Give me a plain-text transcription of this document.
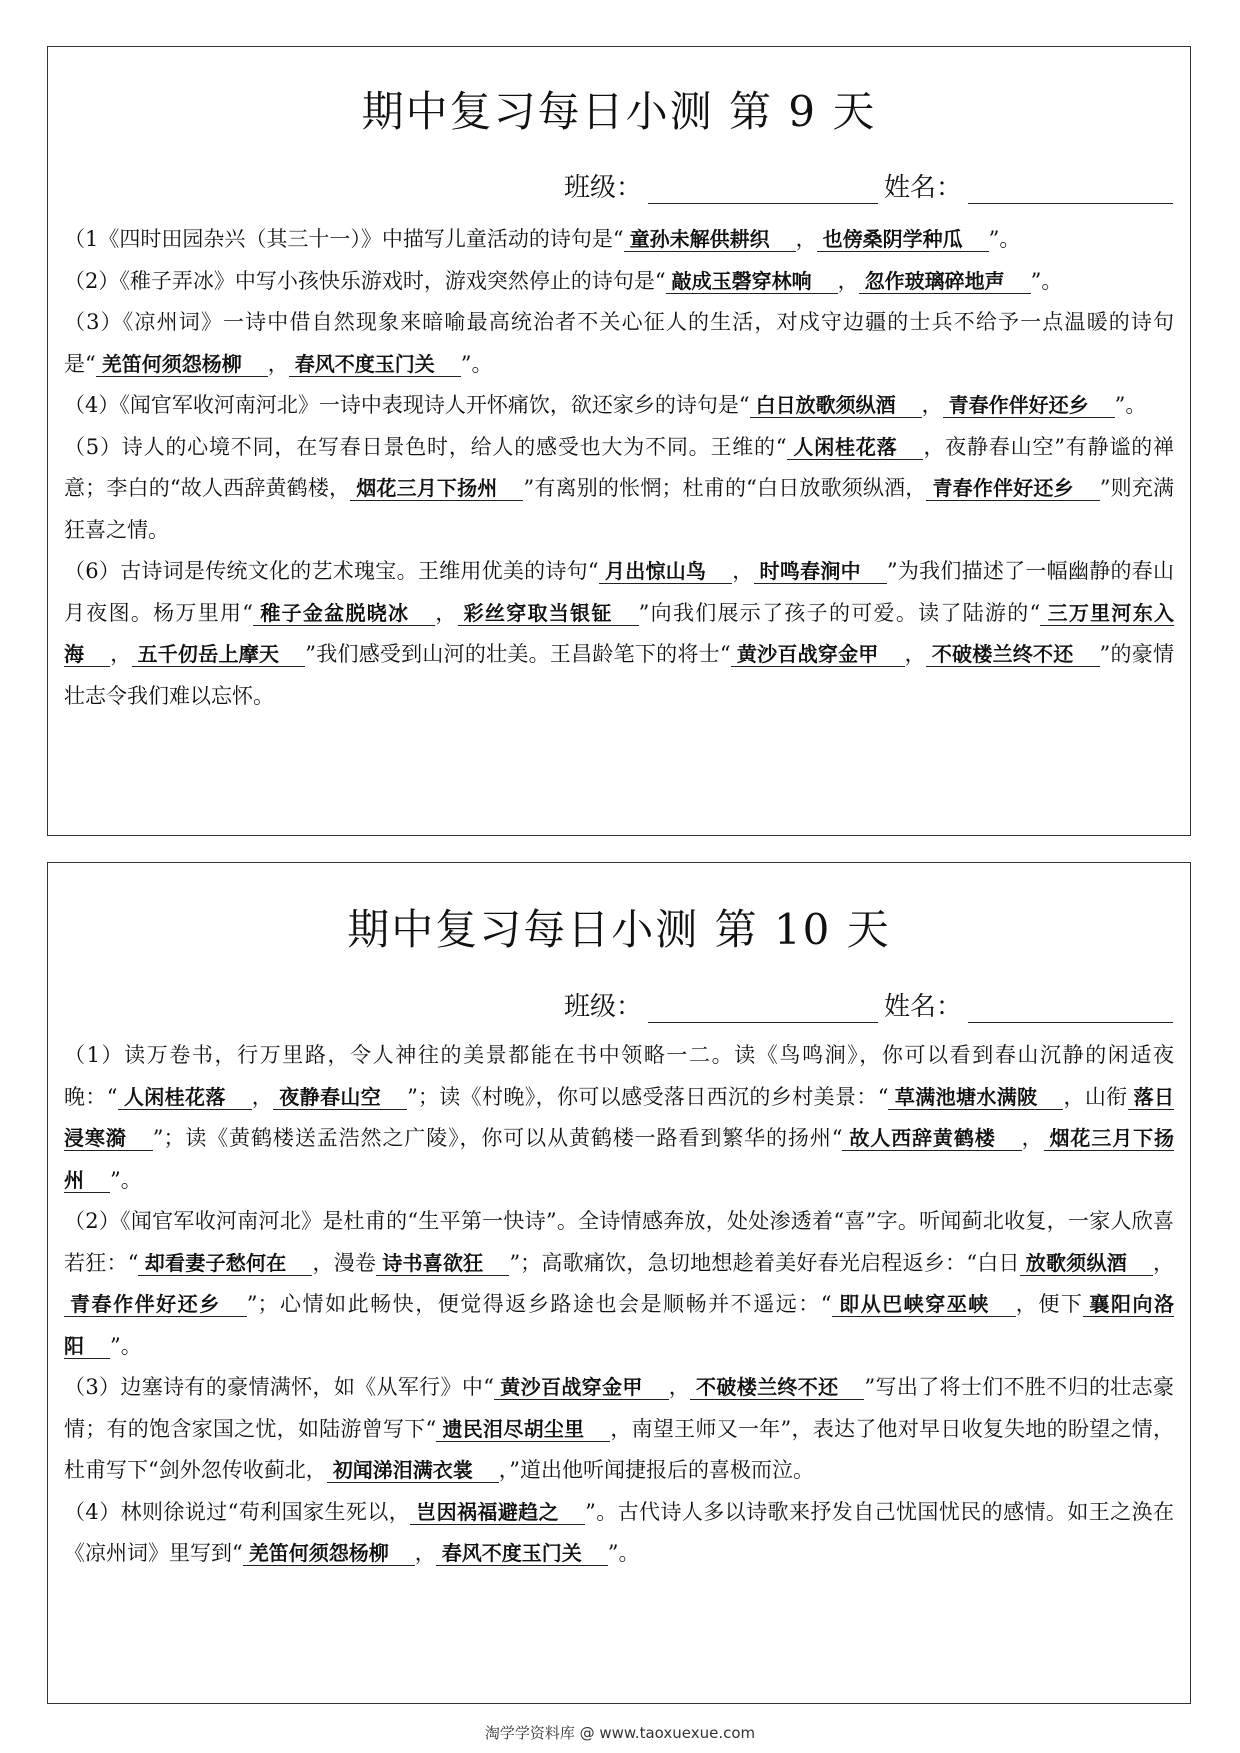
期中复习每日小测 第 9 天
班级：	姓名：

（1《四时田园杂兴（其三十一）》中描写儿童活动的诗句是“ 童孙未解供耕织 ， 也傍桑阴学种瓜 ”。

（2）《稚子弄冰》中写小孩快乐游戏时，游戏突然停止的诗句是“ 敲成玉磬穿林响 ， 忽作玻璃碎地声 ”。

（3）《凉州词》一诗中借自然现象来暗喻最高统治者不关心征人的生活，对戍守边疆的士兵不给予一点温暖的诗句是“ 羌笛何须怨杨柳 ， 春风不度玉门关 ”。

（4）《闻官军收河南河北》一诗中表现诗人开怀痛饮，欲还家乡的诗句是“ 白日放歌须纵酒 ， 青春作伴好还乡 ”。

（5）诗人的心境不同，在写春日景色时，给人的感受也大为不同。王维的“ 人闲桂花落 ，夜静春山空”有静谧的禅意；李白的“故人西辞黄鹤楼， 烟花三月下扬州 ”有离别的怅惘；杜甫的“白日放歌须纵酒， 青春作伴好还乡 ”则充满狂喜之情。

（6）古诗词是传统文化的艺术瑰宝。王维用优美的诗句“ 月出惊山鸟 ， 时鸣春涧中 ”为我们描述了一幅幽静的春山月夜图。杨万里用“ 稚子金盆脱晓冰 ， 彩丝穿取当银钲 ”向我们展示了孩子的可爱。读了陆游的“ 三万里河东入海 ， 五千仞岳上摩天 ”我们感受到山河的壮美。王昌龄笔下的将士“ 黄沙百战穿金甲 ， 不破楼兰终不还 ”的豪情壮志令我们难以忘怀。

期中复习每日小测 第 10 天
班级：	姓名：

（1）读万卷书，行万里路，令人神往的美景都能在书中领略一二。读《鸟鸣涧》，你可以看到春山沉静的闲适夜晚：“ 人闲桂花落 ， 夜静春山空 ”；读《村晚》，你可以感受落日西沉的乡村美景：“ 草满池塘水满陂 ，山衔 落日浸寒漪 ”；读《黄鹤楼送孟浩然之广陵》，你可以从黄鹤楼一路看到繁华的扬州“ 故人西辞黄鹤楼 ， 烟花三月下扬州 ”。

（2）《闻官军收河南河北》是杜甫的“生平第一快诗”。全诗情感奔放，处处渗透着“喜”字。听闻蓟北收复，一家人欣喜若狂：“ 却看妻子愁何在 ，漫卷 诗书喜欲狂 ”；高歌痛饮，急切地想趁着美好春光启程返乡：“白日 放歌须纵酒 ，青春作伴好还乡 ”；心情如此畅快，便觉得返乡路途也会是顺畅并不遥远：“ 即从巴峡穿巫峡 ，便下 襄阳向洛阳 ”。

（3）边塞诗有的豪情满怀，如《从军行》中“ 黄沙百战穿金甲 ， 不破楼兰终不还 ”写出了将士们不胜不归的壮志豪情；有的饱含家国之忧，如陆游曾写下“ 遗民泪尽胡尘里 ，南望王师又一年”，表达了他对早日收复失地的盼望之情，杜甫写下“剑外忽传收蓟北， 初闻涕泪满衣裳 ，”道出他听闻捷报后的喜极而泣。

（4）林则徐说过“苟利国家生死以， 岂因祸福避趋之 ”。古代诗人多以诗歌来抒发自己忧国忧民的感情。如王之涣在《凉州词》里写到“ 羌笛何须怨杨柳 ， 春风不度玉门关 ”。

淘学学资料库 @ www.taoxuexue.com
